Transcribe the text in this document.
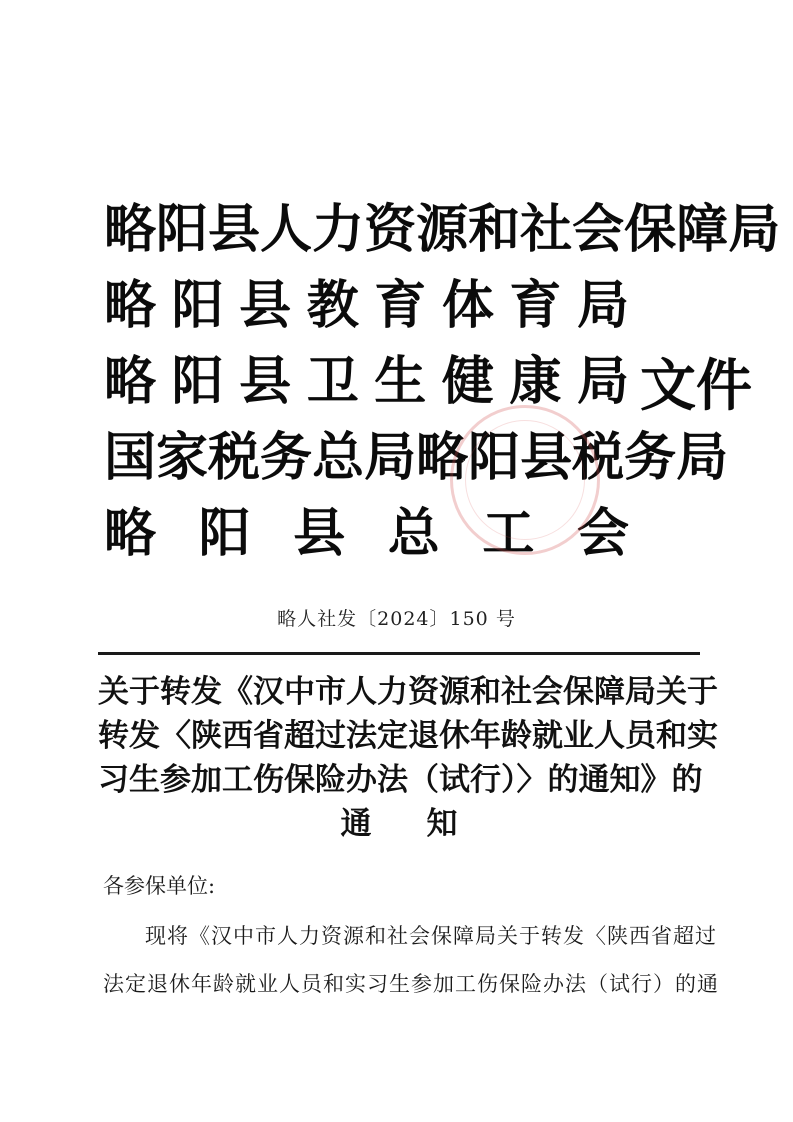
略 阳 县 人 力 资 源 和 社 会 保 障 局
略 阳 县 教 育 体 育 局
略 阳 县 卫 生 健 康 局
国 家 税 务 总 局 略 阳 县 税 务 局
略 阳 县 总 工 会
文件
略人社发〔2024〕150 号
关于转发《汉中市人力资源和社会保障局关于
转发〈陕西省超过法定退休年龄就业人员和实
习生参加工伤保险办法（试行）〉的通知》的
通知
各参保单位:
现将《汉中市人力资源和社会保障局关于转发〈陕西省超过
法定退休年龄就业人员和实习生参加工伤保险办法（试行）的通
